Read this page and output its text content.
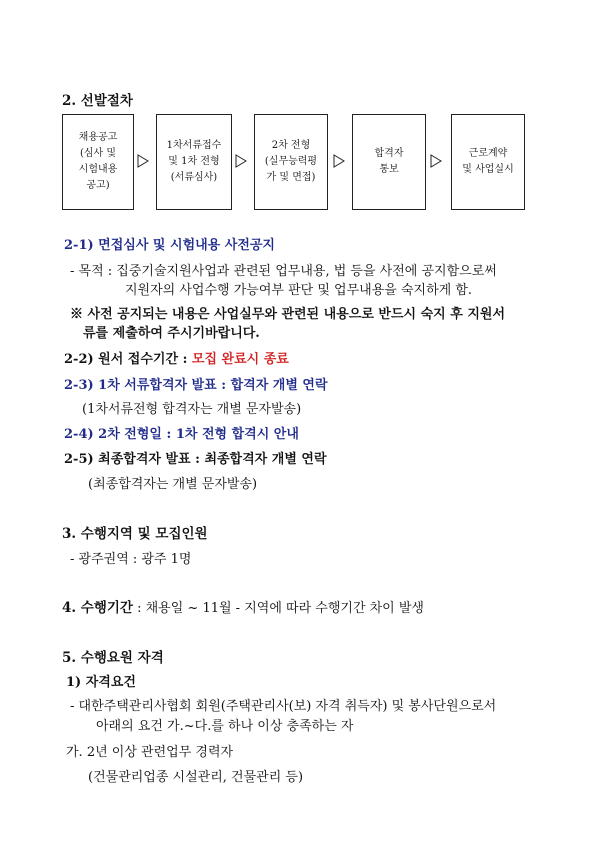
2. 선발절차
채용공고
(심사 및
시험내용
공고)
1차서류접수
및 1차 전형
(서류심사)
2차 전형
(실무능력평
가 및 면접)
합격자
통보
근로계약
및 사업실시
2-1) 면접심사 및 시험내용 사전공지
- 목적 : 집중기술지원사업과 관련된 업무내용, 법 등을 사전에 공지함으로써
지원자의 사업수행 가능여부 판단 및 업무내용을 숙지하게 함.
※ 사전 공지되는 내용은 사업실무와 관련된 내용으로 반드시 숙지 후 지원서
류를 제출하여 주시기바랍니다.
2-2) 원서 접수기간 : 모집 완료시 종료
2-3) 1차 서류합격자 발표 : 합격자 개별 연락
(1차서류전형 합격자는 개별 문자발송)
2-4) 2차 전형일 : 1차 전형 합격시 안내
2-5) 최종합격자 발표 : 최종합격자 개별 연락
(최종합격자는 개별 문자발송)
3. 수행지역 및 모집인원
- 광주권역 : 광주 1명
4. 수행기간 : 채용일 ~ 11월 - 지역에 따라 수행기간 차이 발생
5. 수행요원 자격
1) 자격요건
- 대한주택관리사협회 회원(주택관리사(보) 자격 취득자) 및 봉사단원으로서
아래의 요건 가.~다.를 하나 이상 충족하는 자
가. 2년 이상 관련업무 경력자
(건물관리업종 시설관리, 건물관리 등)
